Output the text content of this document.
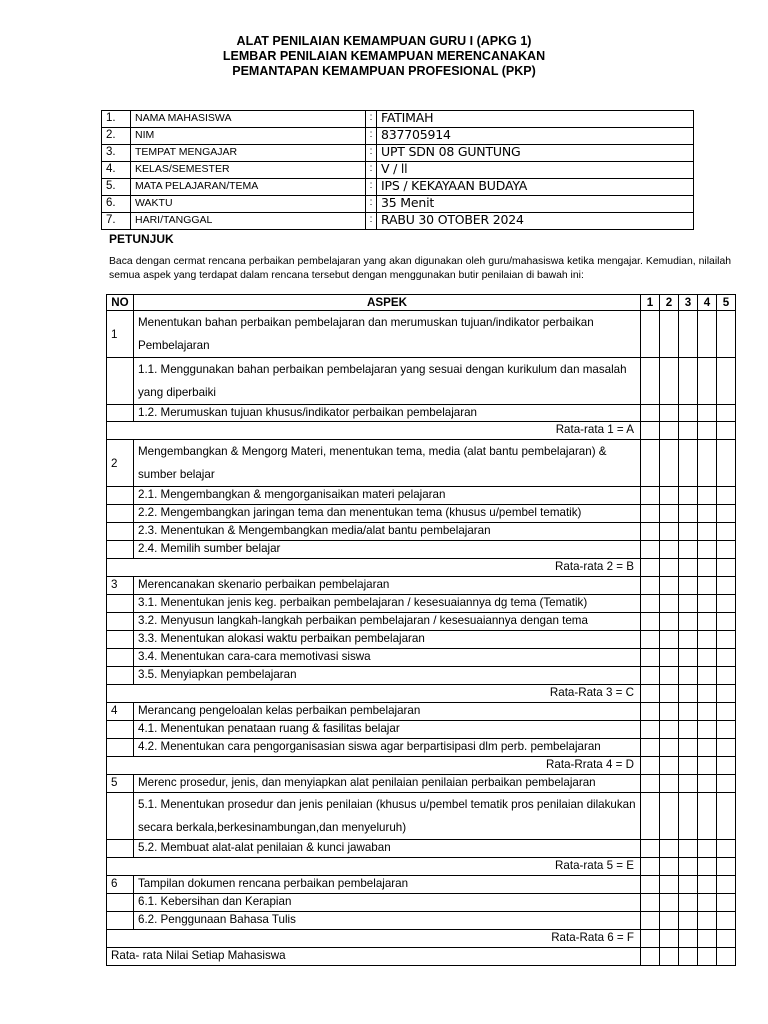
ALAT PENILAIAN KEMAMPUAN GURU I (APKG 1)
LEMBAR PENILAIAN KEMAMPUAN MERENCANAKAN
PEMANTAPAN KEMAMPUAN PROFESIONAL (PKP)
1.	NAMA MAHASISWA	:	FATIMAH
2.	NIM	:	837705914
3.	TEMPAT MENGAJAR	:	UPT SDN 08 GUNTUNG
4.	KELAS/SEMESTER	:	V / ll
5.	MATA PELAJARAN/TEMA	:	IPS / KEKAYAAN BUDAYA
6.	WAKTU	:	35 Menit
7.	HARI/TANGGAL	:	RABU 30 OTOBER 2024
PETUNJUK
Baca dengan cermat rencana perbaikan pembelajaran yang akan digunakan oleh guru/mahasiswa ketika mengajar. Kemudian, nilailah semua aspek yang terdapat dalam rencana tersebut dengan menggunakan butir penilaian di bawah ini:
NO	ASPEK	1	2	3	4	5
1	Menentukan bahan perbaikan pembelajaran dan merumuskan tujuan/indikator perbaikan Pembelajaran					
	1.1. Menggunakan bahan perbaikan pembelajaran yang sesuai dengan kurikulum dan masalah yang diperbaiki					
	1.2. Merumuskan tujuan khusus/indikator perbaikan pembelajaran					
Rata-rata 1 = A						
2	Mengembangkan & Mengorg Materi, menentukan tema, media (alat bantu pembelajaran) & sumber belajar					
	2.1. Mengembangkan & mengorganisaikan materi pelajaran					
	2.2. Mengembangkan jaringan tema dan menentukan tema (khusus u/pembel tematik)					
	2.3. Menentukan & Mengembangkan media/alat bantu pembelajaran					
	2.4. Memilih sumber belajar					
Rata-rata 2 = B						
3	Merencanakan skenario perbaikan pembelajaran					
	3.1. Menentukan jenis keg. perbaikan pembelajaran / kesesuaiannya dg tema (Tematik)					
	3.2. Menyusun langkah-langkah perbaikan pembelajaran / kesesuaiannya dengan tema					
	3.3. Menentukan alokasi waktu perbaikan pembelajaran					
	3.4. Menentukan cara-cara memotivasi siswa					
	3.5. Menyiapkan pembelajaran					
Rata-Rata 3 = C						
4	Merancang pengeloalan kelas perbaikan pembelajaran					
	4.1. Menentukan penataan ruang & fasilitas belajar					
	4.2. Menentukan cara pengorganisasian siswa agar berpartisipasi dlm perb. pembelajaran					
Rata-Rrata 4 = D						
5	Merenc prosedur, jenis, dan menyiapkan alat penilaian penilaian perbaikan pembelajaran					
	5.1. Menentukan prosedur dan jenis penilaian (khusus u/pembel tematik pros penilaian dilakukan secara berkala,berkesinambungan,dan menyeluruh)					
	5.2. Membuat alat-alat penilaian & kunci jawaban					
Rata-rata 5 = E						
6	Tampilan dokumen rencana perbaikan pembelajaran					
	6.1. Kebersihan dan Kerapian					
	6.2. Penggunaan Bahasa Tulis					
Rata-Rata 6 = F						
Rata- rata Nilai Setiap Mahasiswa						
